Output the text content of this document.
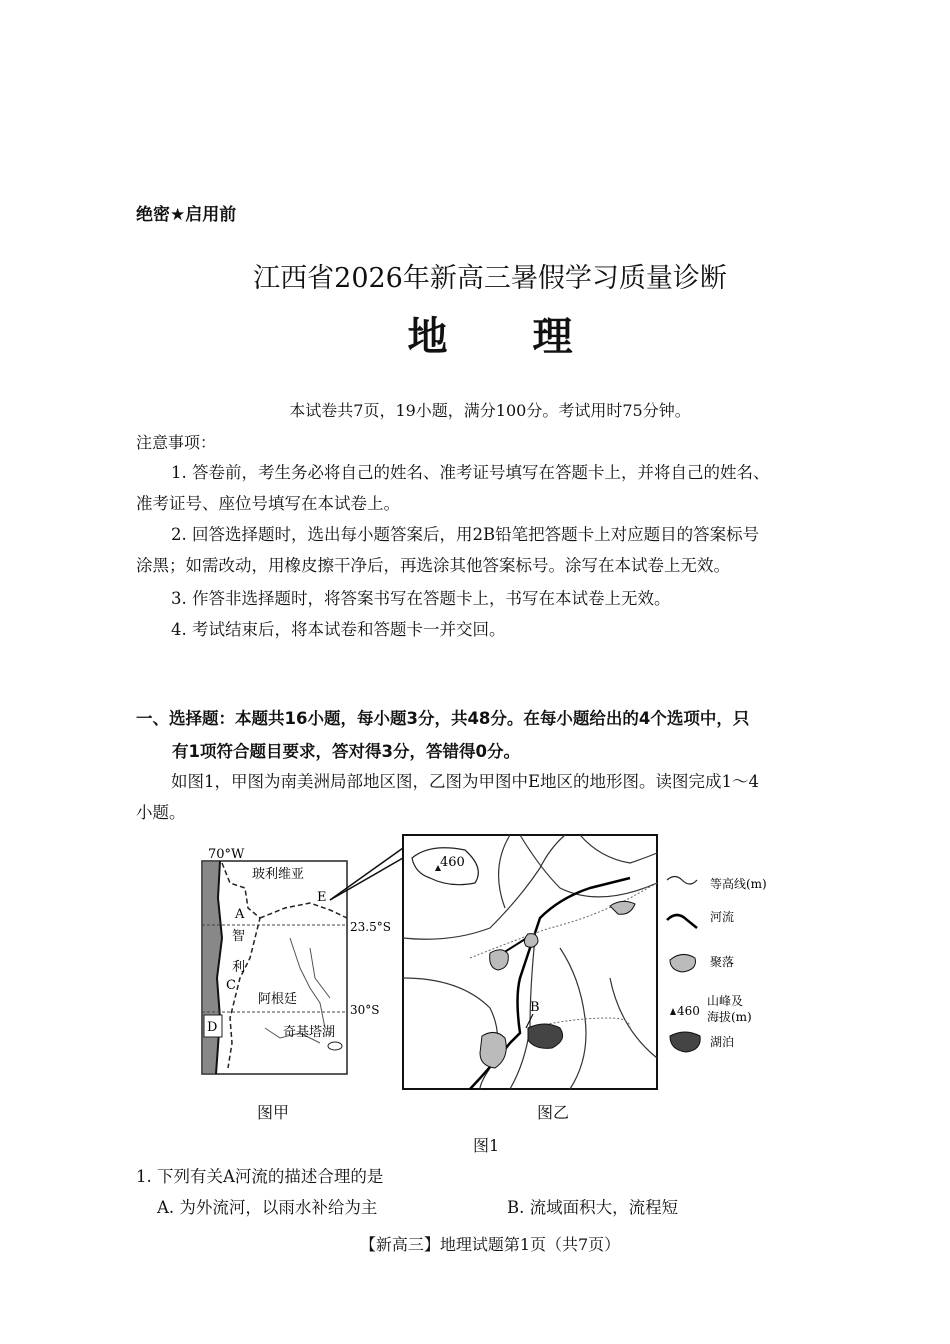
绝密★启用前
江西省2026年新高三暑假学习质量诊断
地 理
本试卷共7页，19小题，满分100分。考试用时75分钟。
注意事项：
1. 答卷前，考生务必将自己的姓名、准考证号填写在答题卡上，并将自己的姓名、
准考证号、座位号填写在本试卷上。
2. 回答选择题时，选出每小题答案后，用2B铅笔把答题卡上对应题目的答案标号
涂黑；如需改动，用橡皮擦干净后，再选涂其他答案标号。涂写在本试卷上无效。
3. 作答非选择题时，将答案书写在答题卡上，书写在本试卷上无效。
4. 考试结束后，将本试卷和答题卡一并交回。
一、选择题：本题共16小题，每小题3分，共48分。在每小题给出的4个选项中，只
有1项符合题目要求，答对得3分，答错得0分。
如图1，甲图为南美洲局部地区图，乙图为甲图中E地区的地形图。读图完成1～4
小题。
70°W
玻利维亚
E
A
智
利
C
阿根廷
D	奇基塔湖
23.5°S
30°S
460
B
等高线(m)
河流
聚落
山峰及
460 海拔(m)
湖泊
图甲	图乙
图1
1. 下列有关A河流的描述合理的是
A. 为外流河，以雨水补给为主	B. 流域面积大，流程短
【新高三】地理试题第1页（共7页）
